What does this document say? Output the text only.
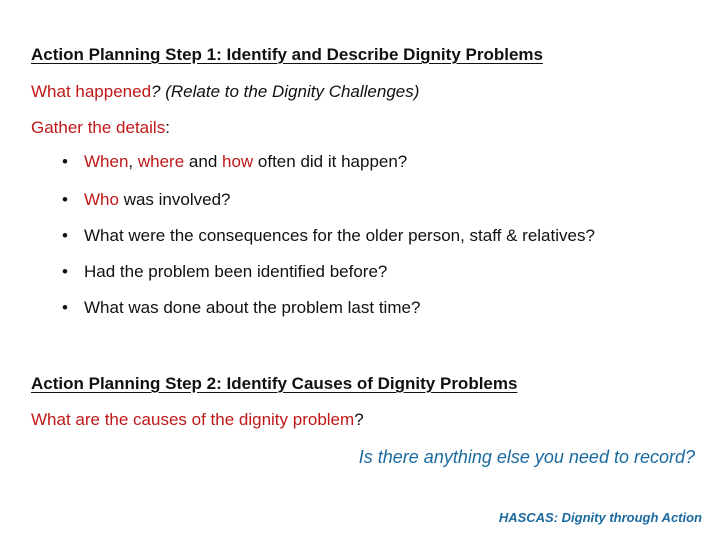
Action Planning Step 1: Identify and Describe Dignity Problems
What happened? (Relate to the Dignity Challenges)
Gather the details:
• When, where and how often did it happen?
• Who was involved?
• What were the consequences for the older person, staff & relatives?
• Had the problem been identified before?
• What was done about the problem last time?
Action Planning Step 2: Identify Causes of Dignity Problems
What are the causes of the dignity problem?
Is there anything else you need to record?
HASCAS: Dignity through Action
